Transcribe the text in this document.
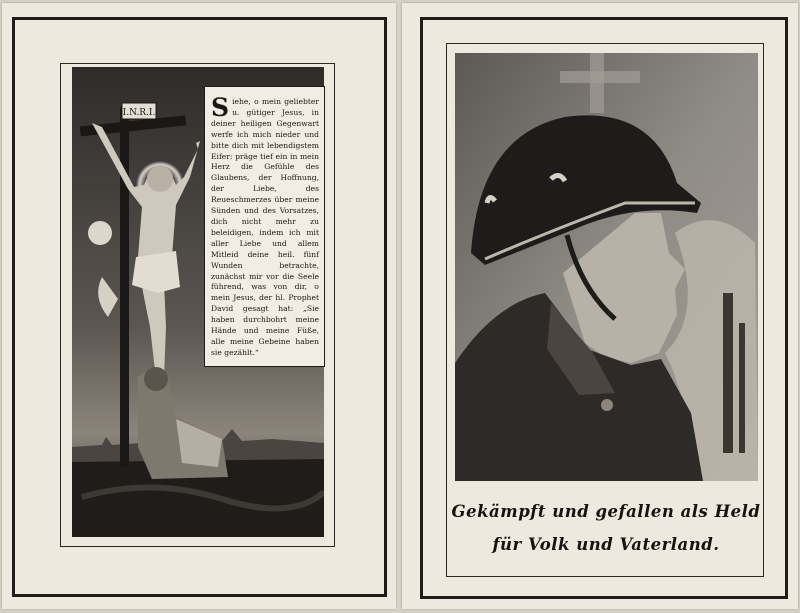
I.N.R.I. Siehe, o mein geliebter u. gütiger Jesus, in deiner heiligen Gegenwart werfe ich mich nieder und bitte dich mit lebendigstem Eifer: präge tief ein in mein Herz die Gefühle des Glaubens, der Hoffnung, der Liebe, des Reueschmerzes über meine Sünden und des Vorsatzes, dich nicht mehr zu beleidigen, indem ich mit aller Liebe und allem Mitleid deine heil. fünf Wunden betrachte, zunächst mir vor die Seele führend, was von dir, o mein Jesus, der hl. Prophet David gesagt hat: „Sie haben durchbohrt meine Hände und meine Füße, alle meine Gebeine haben sie gezählt.“
Gekämpft und gefallen als Held
für Volk und Vaterland.
